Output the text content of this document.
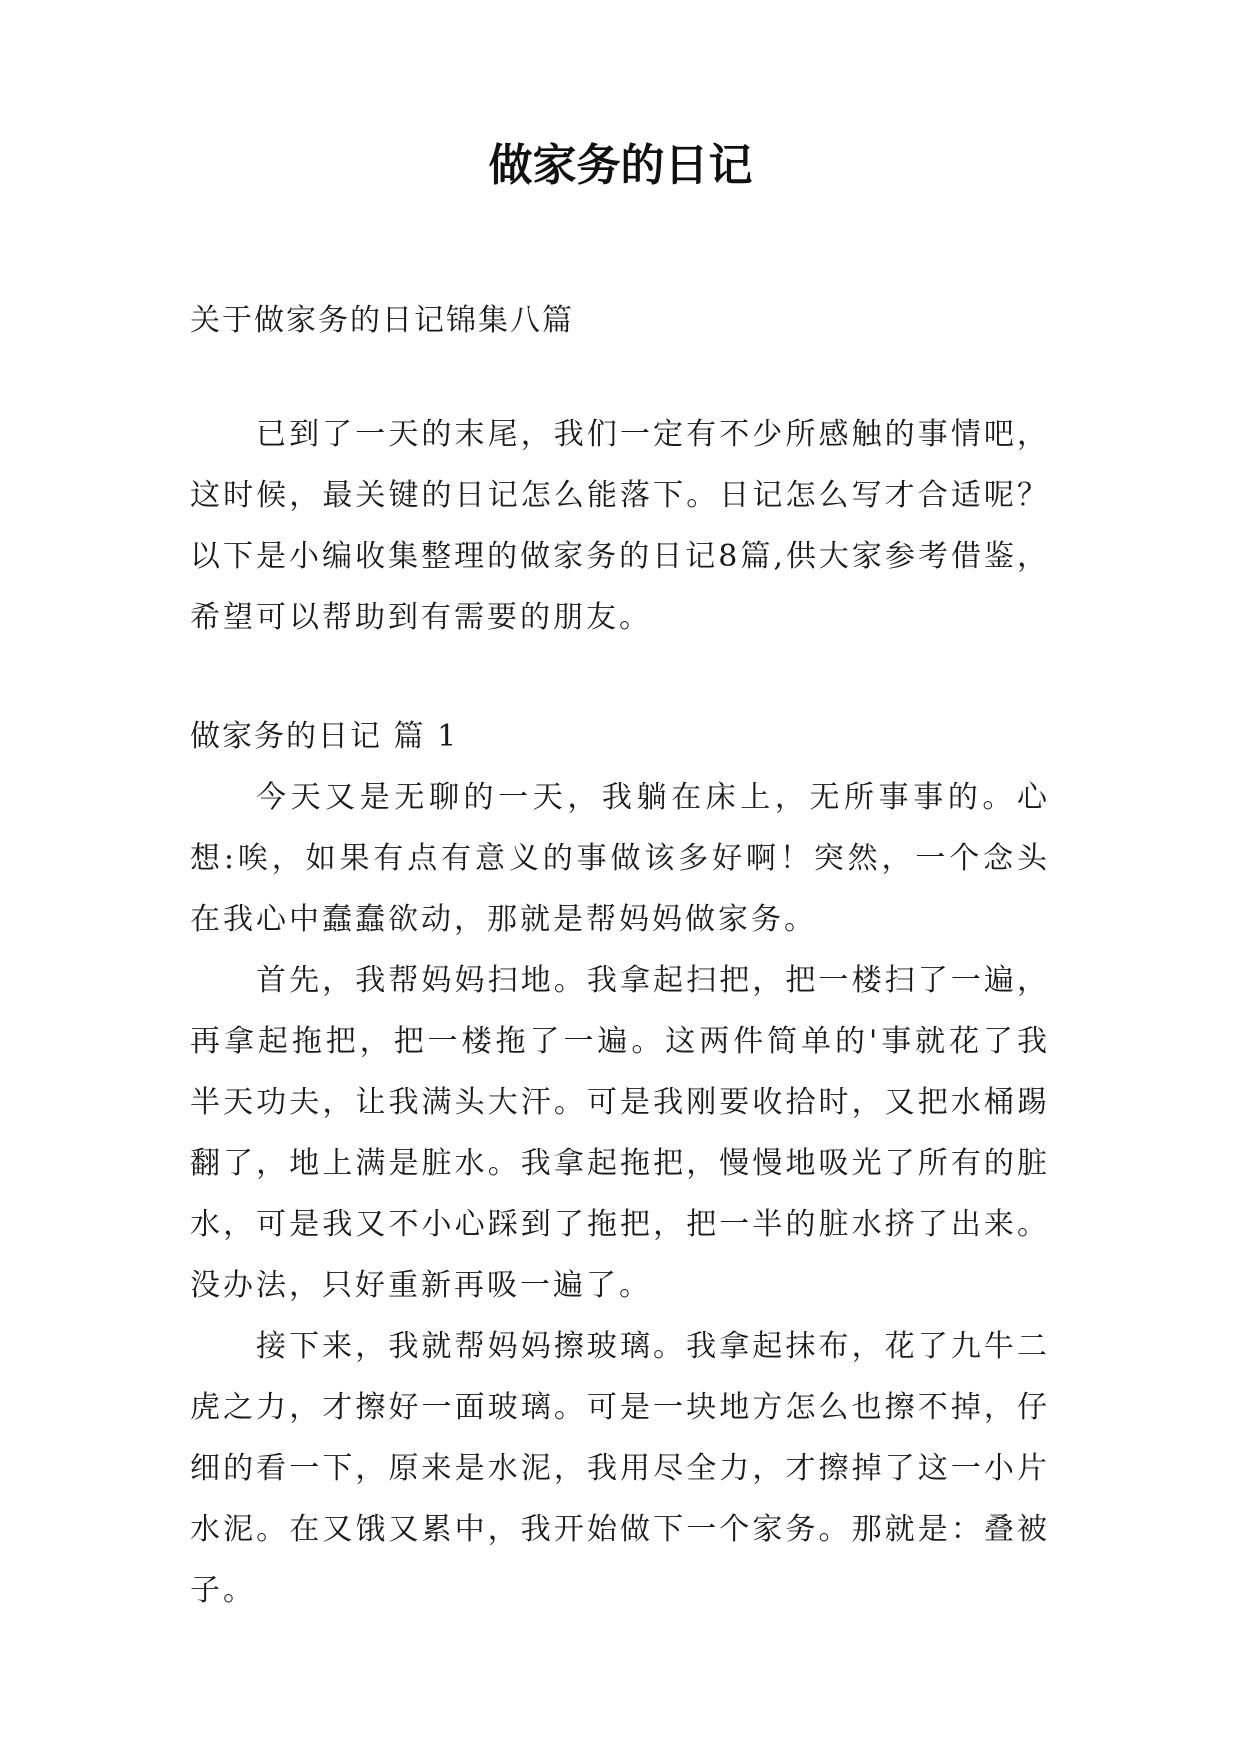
做家务的日记

关于做家务的日记锦集八篇

已到了一天的末尾，我们一定有不少所感触的事情吧，这时候，最关键的日记怎么能落下。日记怎么写才合适呢？以下是小编收集整理的做家务的日记8篇,供大家参考借鉴，希望可以帮助到有需要的朋友。

做家务的日记 篇 1

今天又是无聊的一天，我躺在床上，无所事事的。心想:唉，如果有点有意义的事做该多好啊！突然，一个念头在我心中蠢蠢欲动，那就是帮妈妈做家务。

首先，我帮妈妈扫地。我拿起扫把，把一楼扫了一遍，再拿起拖把，把一楼拖了一遍。这两件简单的'事就花了我半天功夫，让我满头大汗。可是我刚要收拾时，又把水桶踢翻了，地上满是脏水。我拿起拖把，慢慢地吸光了所有的脏水，可是我又不小心踩到了拖把，把一半的脏水挤了出来。没办法，只好重新再吸一遍了。

接下来，我就帮妈妈擦玻璃。我拿起抹布，花了九牛二虎之力，才擦好一面玻璃。可是一块地方怎么也擦不掉，仔细的看一下，原来是水泥，我用尽全力，才擦掉了这一小片水泥。在又饿又累中，我开始做下一个家务。那就是：叠被子。
